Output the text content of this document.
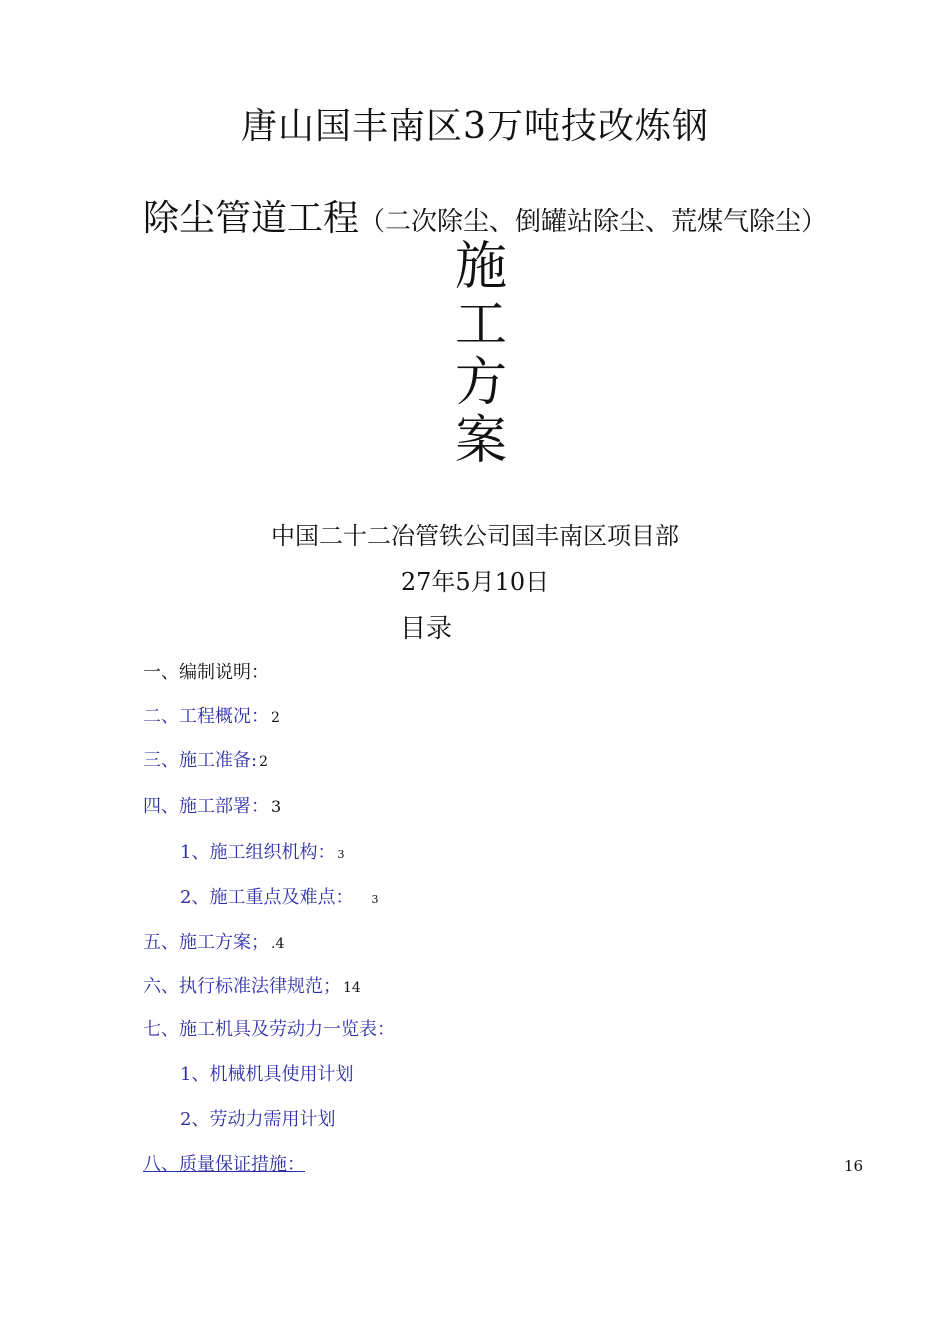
唐山国丰南区3万吨技改炼钢
除尘管道工程（二次除尘、倒罐站除尘、荒煤气除尘）
施
工
方
案
中国二十二冶管铁公司国丰南区项目部
27年5月10日
目录
一、编制说明：
二、工程概况： 2
三、施工准备: 2
四、施工部署： 3
1、施工组织机构： 3
2、施工重点及难点： 3
五、施工方案； .4
六、执行标准法律规范； 14
七、施工机具及劳动力一览表：
1、机械机具使用计划
2、劳动力需用计划
八、质量保证措施：	16
